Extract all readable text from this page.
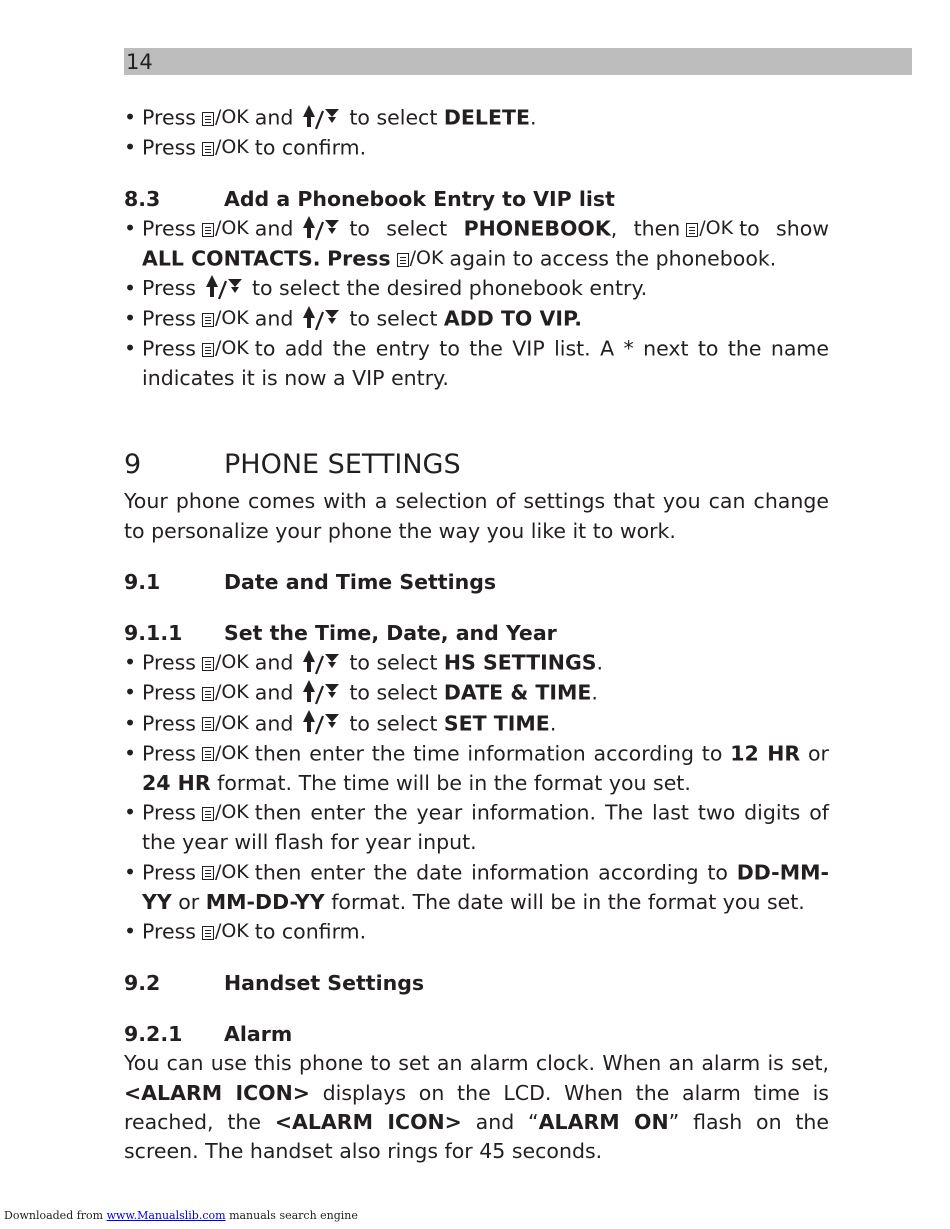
14
• Press /OK and	to select DELETE.
• Press /OK to confirm.
8.3	Add a Phonebook Entry to VIP list
• Press /OK and	to select PHONEBOOK, then /OK to show ALL CONTACTS. Press /OK again to access the phonebook.
• Press	to select the desired phonebook entry.
• Press /OK and	to select ADD TO VIP.
• Press /OK to add the entry to the VIP list. A * next to the name indicates it is now a VIP entry.
9	PHONE SETTINGS

Your phone comes with a selection of settings that you can change to personalize your phone the way you like it to work.

9.1	Date and Time Settings
9.1.1	Set the Time, Date, and Year
• Press /OK and	to select HS SETTINGS.
• Press /OK and	to select DATE & TIME.
• Press /OK and	to select SET TIME.
• Press /OK then enter the time information according to 12 HR or 24 HR format. The time will be in the format you set.
• Press /OK then enter the year information. The last two digits of the year will flash for year input.
• Press /OK then enter the date information according to DD-MM-YY or MM-DD-YY format. The date will be in the format you set.
• Press /OK to confirm.
9.2	Handset Settings
9.2.1	Alarm

You can use this phone to set an alarm clock. When an alarm is set, <ALARM ICON> displays on the LCD. When the alarm time is reached, the <ALARM ICON> and “ALARM ON” flash on the screen. The handset also rings for 45 seconds.

Downloaded from www.Manualslib.com manuals search engine
